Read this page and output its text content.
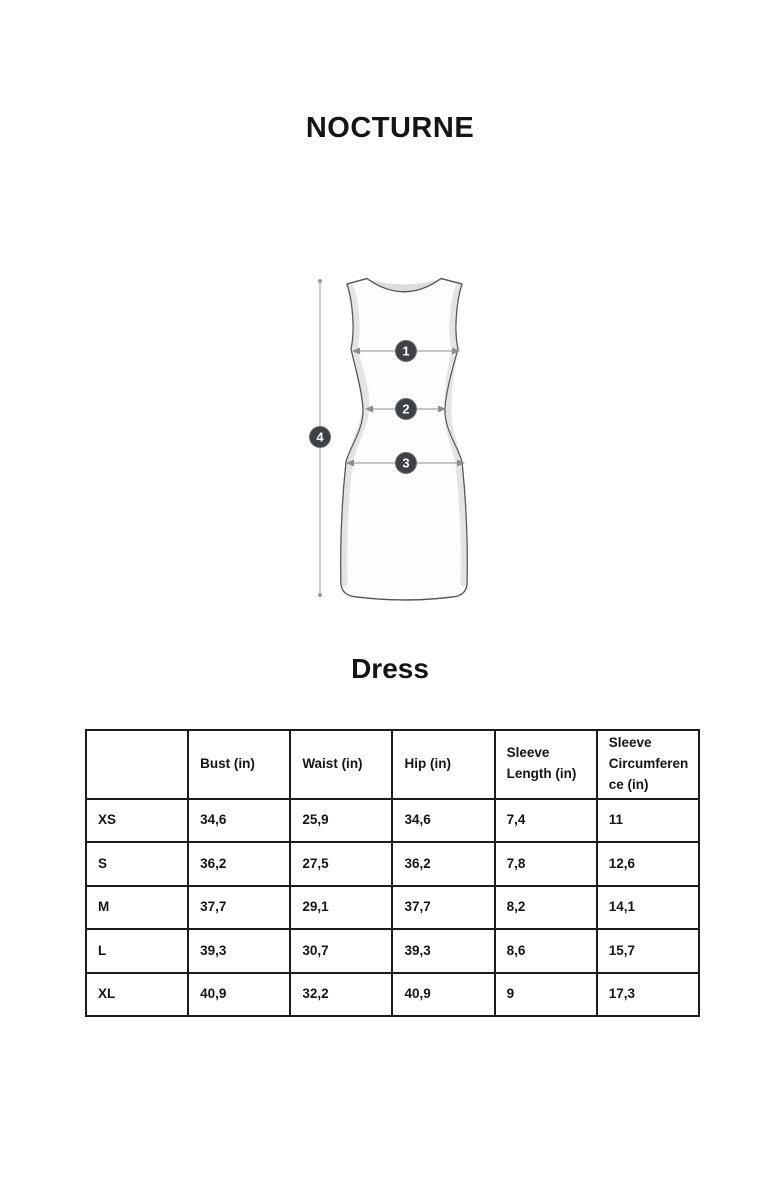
NOCTURNE
1
2
3
4
Dress
	Bust (in)	Waist (in)	Hip (in)	Sleeve Length (in)	Sleeve Circumference (in)
XS	34,6	25,9	34,6	7,4	11
S	36,2	27,5	36,2	7,8	12,6
M	37,7	29,1	37,7	8,2	14,1
L	39,3	30,7	39,3	8,6	15,7
XL	40,9	32,2	40,9	9	17,3
